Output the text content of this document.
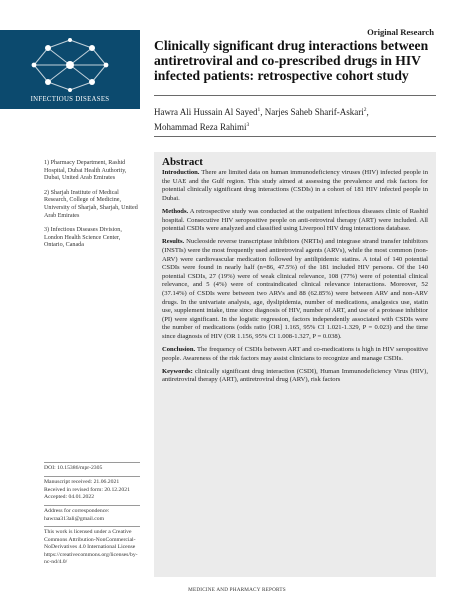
Original Research
INFECTIOUS DISEASES
Clinically significant drug interactions between antiretroviral and co-prescribed drugs in HIV infected patients: retrospective cohort study
Hawra Ali Hussain Al Sayed$^1$, Narjes Saheb Sharif-Askari$^2$,
Mohammad Reza Rahimi$^3$

1) Pharmacy Department, Rashid Hospital, Dubai Health Authority, Dubai, United Arab Emirates

2) Sharjah Institute of Medical Research, College of Medicine, University of Sharjah, Sharjah, United Arab Emirates

3) Infectious Diseases Division, London Health Science Center, Ontario, Canada

Abstract

Introduction. There are limited data on human immunodeficiency viruses (HIV) infected people in the UAE and the Gulf region. This study aimed at assessing the prevalence and risk factors for potential clinically significant drug interactions (CSDIs) in a cohort of 181 HIV infected people in Dubai.

Methods. A retrospective study was conducted at the outpatient infectious diseases clinic of Rashid hospital. Consecutive HIV seropositive people on anti-retroviral therapy (ART) were included. All potential CSDIs were analyzed and classified using Liverpool HIV drug interactions database.

Results. Nucleoside reverse transcriptase inhibitors (NRTIs) and integrase strand transfer inhibitors (INSTIs) were the most frequently used antiretroviral agents (ARVs), while the most common (non-ARV) were cardiovascular medication followed by antilipidemic statins. A total of 140 potential CSDIs were found in nearly half (n=86, 47.5%) of the 181 included HIV persons. Of the 140 potential CSDIs, 27 (19%) were of weak clinical relevance, 108 (77%) were of potential clinical relevance, and 5 (4%) were of contraindicated clinical relevance interactions. Moreover, 52 (37.14%) of CSDIs were between two ARVs and 88 (62.85%) were between ARV and non-ARV drugs. In the univariate analysis, age, dyslipidemia, number of medications, analgesics use, statin use, supplement intake, time since diagnosis of HIV, number of ART, and use of a protease inhibitor (PI) were significant. In the logistic regression, factors independently associated with CSDIs were the number of medications (odds ratio [OR] 1.165, 95% CI 1.021-1.329, P = 0.023) and the time since diagnosis of HIV (OR 1.156, 95% CI 1.008-1.327, P = 0.038).

Conclusion. The frequency of CSDIs between ART and co-medications is high in HIV seropositive people. Awareness of the risk factors may assist clinicians to recognize and manage CSDIs.

Keywords: clinically significant drug interaction (CSDI), Human Immunodeficiency Virus (HIV), antiretroviral therapy (ART), antiretroviral drug (ARV), risk factors

DOI: 10.15386/mpr-2305
Manuscript received: 21.06.2021
Received in revised form: 20.12.2021
Accepted: 04.01.2022
Address for correspondence:
hawraa313ali@gmail.com
This work is licensed under a Creative Commons Attribution-NonCommercial-NoDerivatives 4.0 International License https://creativecommons.org/licenses/by-nc-nd/4.0/
MEDICINE AND PHARMACY REPORTS
